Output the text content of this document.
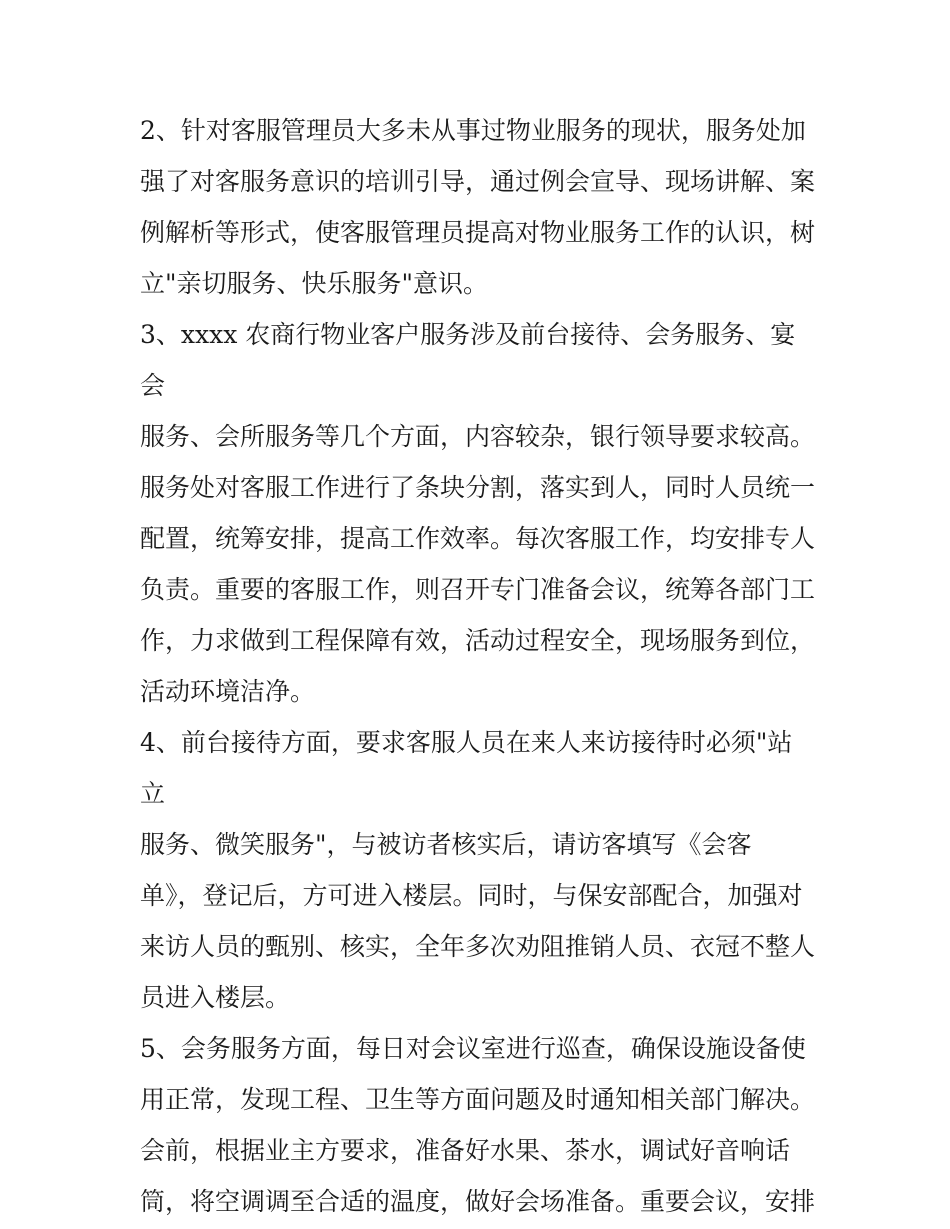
2、针对客服管理员大多未从事过物业服务的现状，服务处加
强了对客服务意识的培训引导，通过例会宣导、现场讲解、案
例解析等形式，使客服管理员提高对物业服务工作的认识，树
立"亲切服务、快乐服务"意识。

3、xxxx 农商行物业客户服务涉及前台接待、会务服务、宴会
服务、会所服务等几个方面，内容较杂，银行领导要求较高。
服务处对客服工作进行了条块分割，落实到人，同时人员统一
配置，统筹安排，提高工作效率。每次客服工作，均安排专人
负责。重要的客服工作，则召开专门准备会议，统筹各部门工
作，力求做到工程保障有效，活动过程安全，现场服务到位，
活动环境洁净。

4、前台接待方面，要求客服人员在来人来访接待时必须"站立
服务、微笑服务"，与被访者核实后，请访客填写《会客
单》，登记后，方可进入楼层。同时，与保安部配合，加强对
来访人员的甄别、核实，全年多次劝阻推销人员、衣冠不整人
员进入楼层。

5、会务服务方面，每日对会议室进行巡查，确保设施设备使
用正常，发现工程、卫生等方面问题及时通知相关部门解决。
会前，根据业主方要求，准备好水果、茶水，调试好音响话
筒，将空调调至合适的温度，做好会场准备。重要会议，安排
